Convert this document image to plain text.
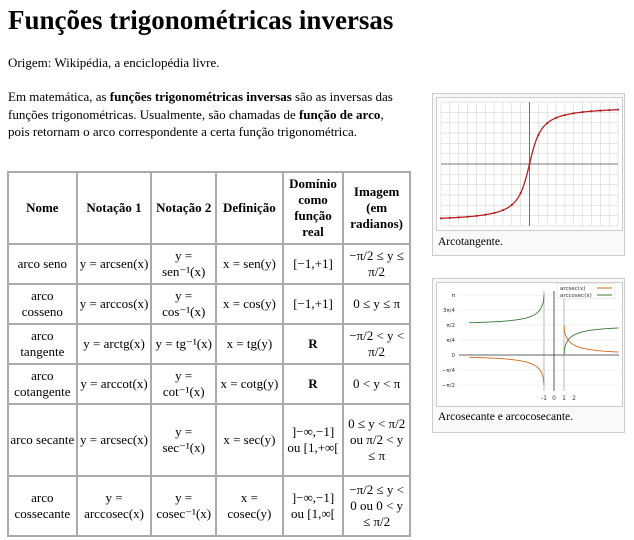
Funções trigonométricas inversas

Origem: Wikipédia, a enciclopédia livre.

Em matemática, as funções trigonométricas inversas são as inversas das funções trigonométricas. Usualmente, são chamadas de função de arco, pois retornam o arco correspondente a certa função trigonométrica.

Nome	Notação 1	Notação 2	Definição	Domínio como função real	Imagem (em radianos)
arco seno	y = arcsen(x)	y = sen⁻¹(x)	x = sen(y)	[−1,+1]	−π/2 ≤ y ≤ π/2
arco cosseno	y = arccos(x)	y = cos⁻¹(x)	x = cos(y)	[−1,+1]	0 ≤ y ≤ π
arco tangente	y = arctg(x)	y = tg⁻¹(x)	x = tg(y)	R	−π/2 < y < π/2
arco cotangente	y = arccot(x)	y = cot⁻¹(x)	x = cotg(y)	R	0 < y < π
arco secante	y = arcsec(x)	y = sec⁻¹(x)	x = sec(y)	]−∞,−1] ou [1,+∞[	0 ≤ y < π/2 ou π/2 < y ≤ π
arco cossecante	y = arccosec(x)	y = cosec⁻¹(x)	x = cosec(y)	]−∞,−1] ou [1,∞[	−π/2 ≤ y < 0 ou 0 < y ≤ π/2
Arcotangente.
π
3π/4
π/2
π/4
0
−π/4
−π/2
-1 0 1 2
arcsec(x)
arccosec(x)
Arcosecante e arcocosecante.
